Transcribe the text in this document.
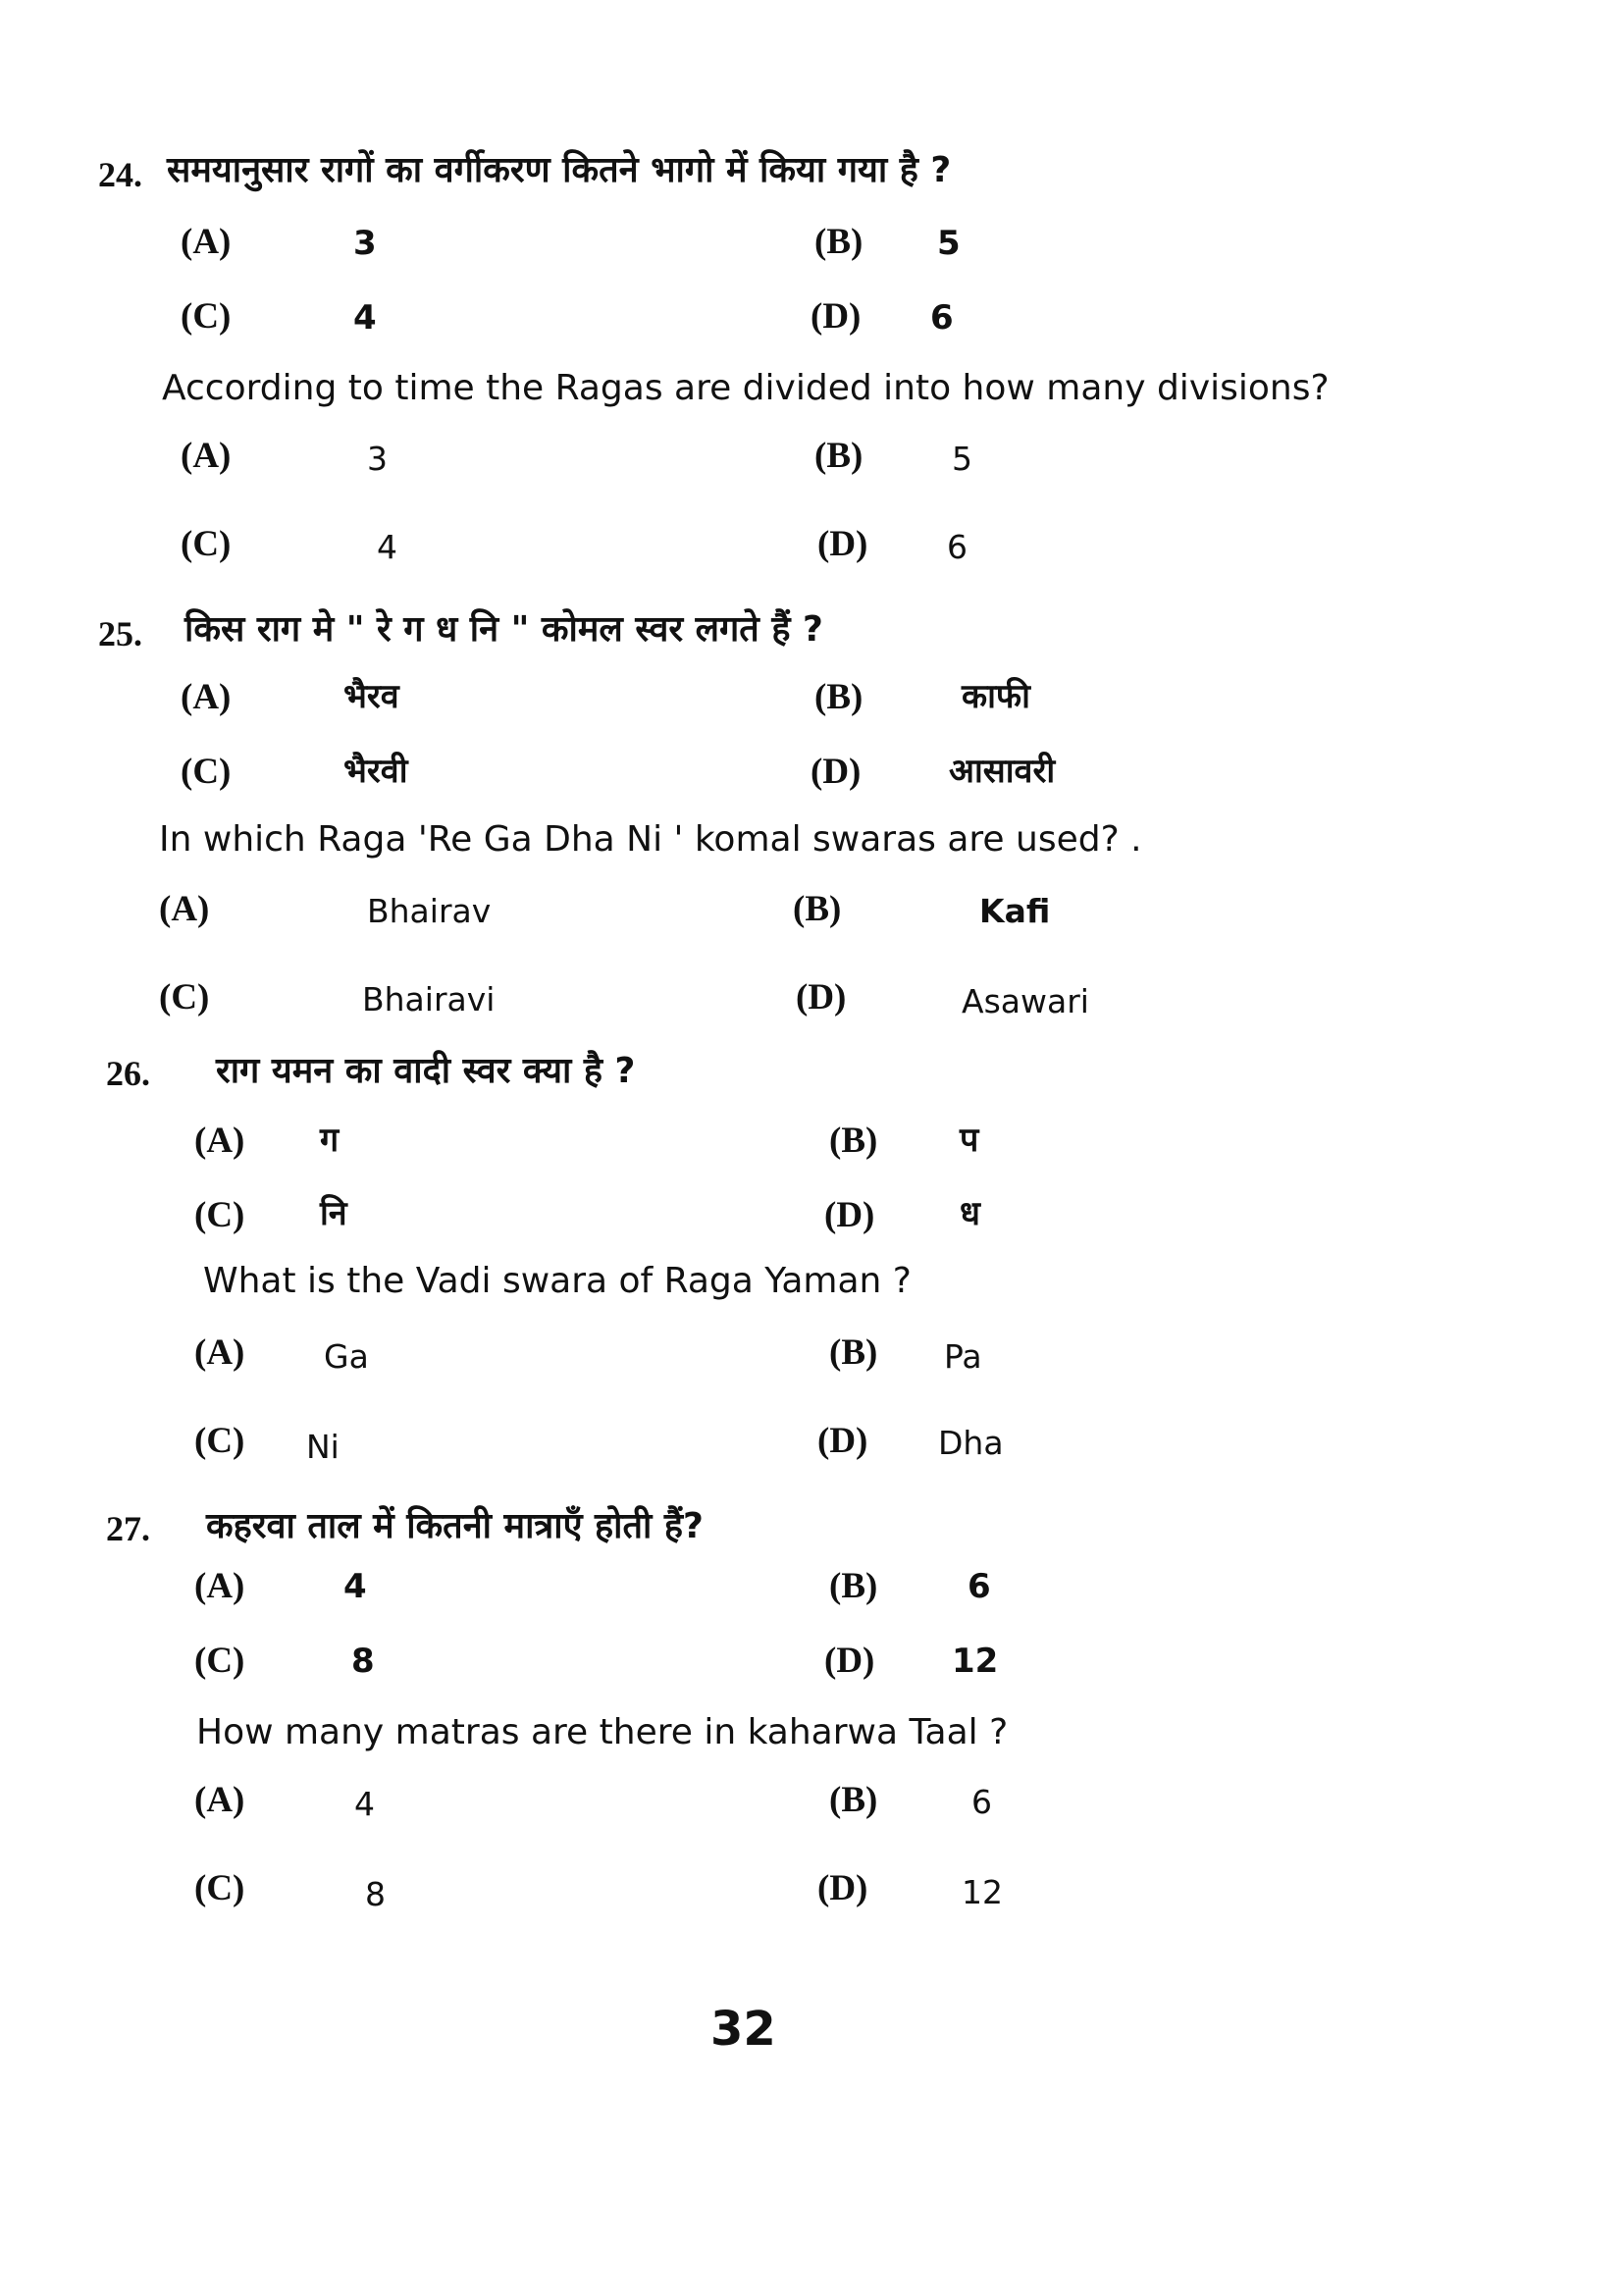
24. समयानुसार रागों का वर्गीकरण कितने भागो में किया गया है ?
(A)	3	(B) 5
(C)	4	(D) 6
According to time the Ragas are divided into how many divisions?
(A)	3	(B)	5
(C)	4	(D) 6
25. किस राग मे " रे ग ध नि " कोमल स्वर लगते हैं ?
(A)	भैरव	(B)	काफी
(C)	भैरवी	(D)	आसावरी
In which Raga 'Re Ga Dha Ni ' komal swaras are used? .
(A)	Bhairav	(B)	Kafi
(C)	Bhairavi	(D)	Asawari
26. राग यमन का वादी स्वर क्या है ?
(A) ग	(B) प
(C) नि	(D)	ध
What is the Vadi swara of Raga Yaman ?
(A) Ga	(B) Pa
(C) Ni	(D) Dha
27. कहरवा ताल में कितनी मात्राएँ होती हैं?
(A)	4	(B)	6
(C)	8	(D) 12
How many matras are there in kaharwa Taal ?
(A)	4	(B)	6
(C)	8	(D)	12
32
